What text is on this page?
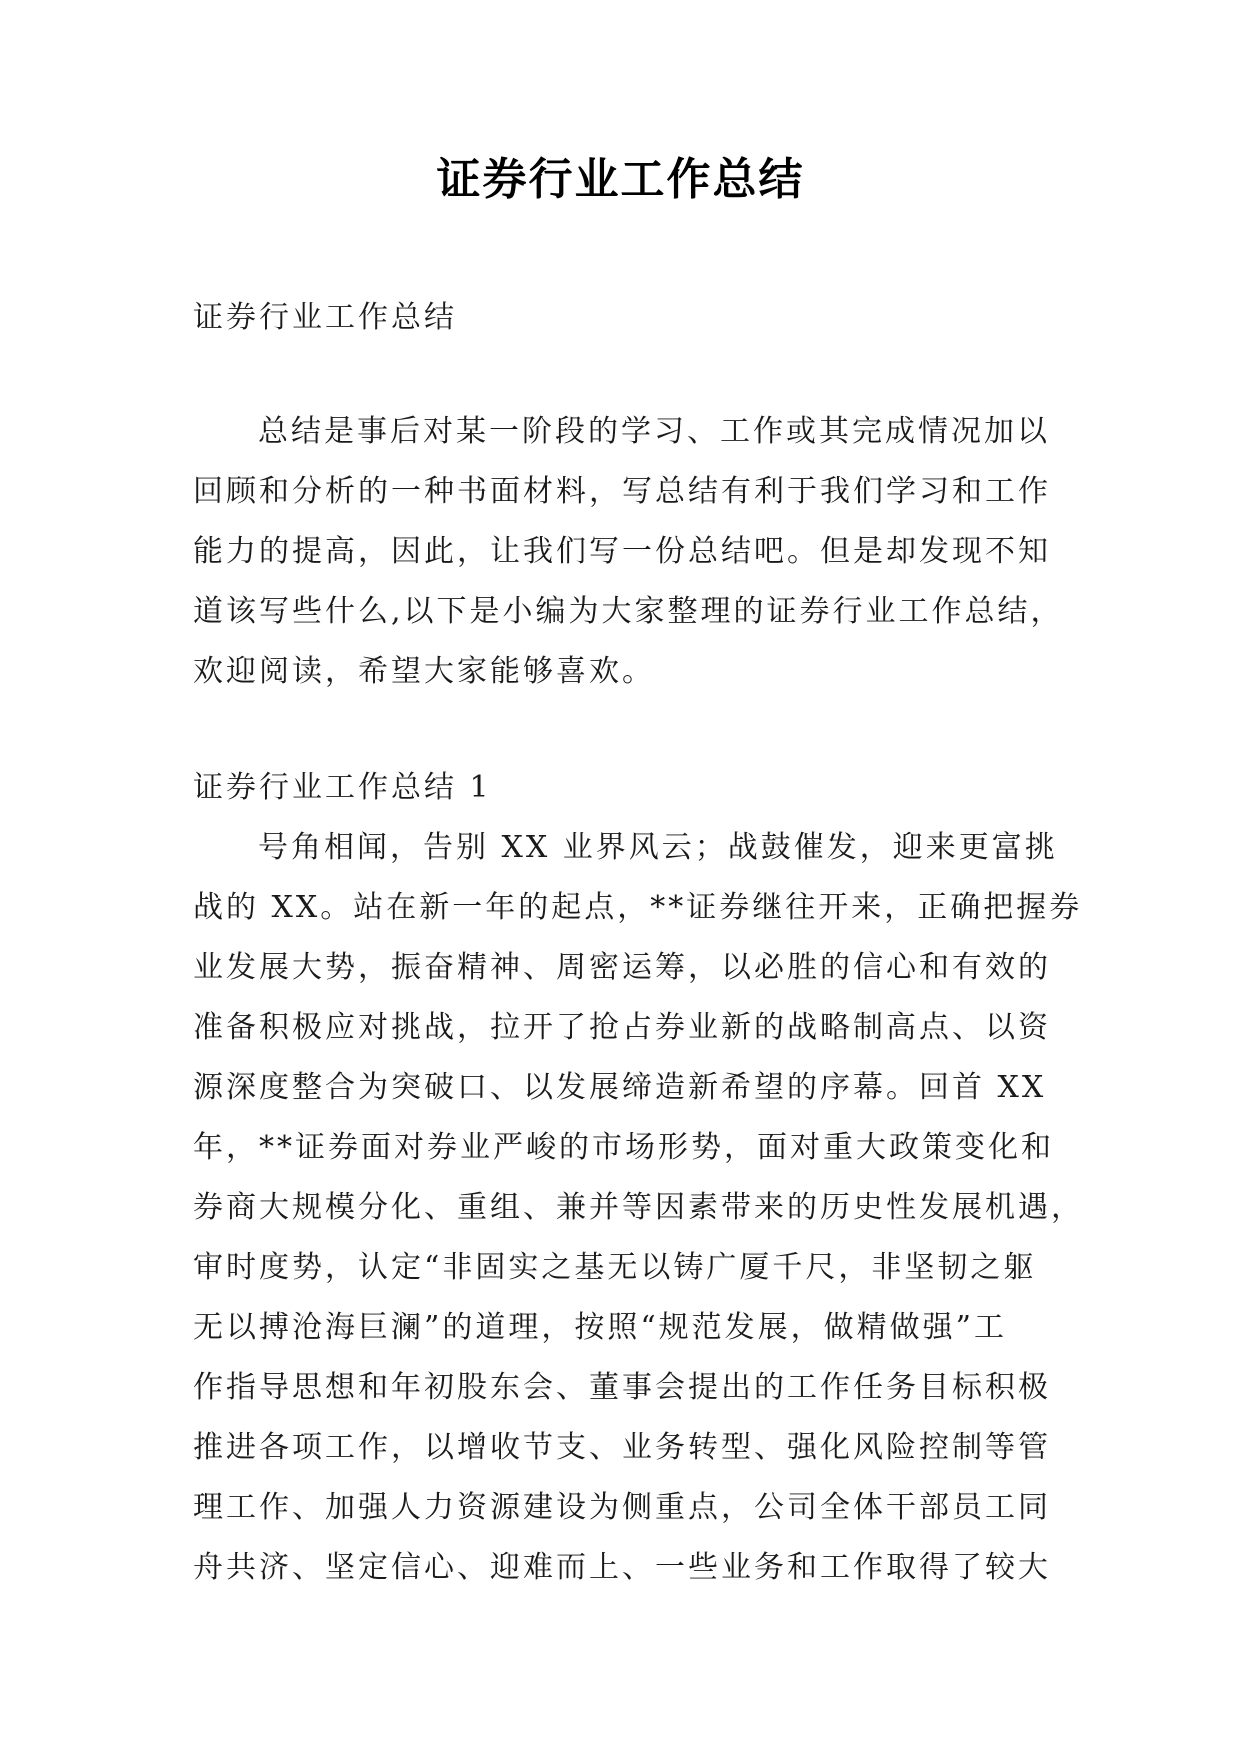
证券行业工作总结
证券行业工作总结
总结是事后对某一阶段的学习、工作或其完成情况加以
回顾和分析的一种书面材料，写总结有利于我们学习和工作
能力的提高，因此，让我们写一份总结吧。但是却发现不知
道该写些什么,以下是小编为大家整理的证券行业工作总结，
欢迎阅读，希望大家能够喜欢。
证券行业工作总结 1
号角相闻，告别 XX 业界风云；战鼓催发，迎来更富挑
战的 XX。站在新一年的起点，**证券继往开来，正确把握券
业发展大势，振奋精神、周密运筹，以必胜的信心和有效的
准备积极应对挑战，拉开了抢占券业新的战略制高点、以资
源深度整合为突破口、以发展缔造新希望的序幕。回首 XX
年，**证券面对券业严峻的市场形势，面对重大政策变化和
券商大规模分化、重组、兼并等因素带来的历史性发展机遇，
审时度势，认定“非固实之基无以铸广厦千尺，非坚韧之躯
无以搏沧海巨澜”的道理，按照“规范发展，做精做强”工
作指导思想和年初股东会、董事会提出的工作任务目标积极
推进各项工作，以增收节支、业务转型、强化风险控制等管
理工作、加强人力资源建设为侧重点，公司全体干部员工同
舟共济、坚定信心、迎难而上、一些业务和工作取得了较大
